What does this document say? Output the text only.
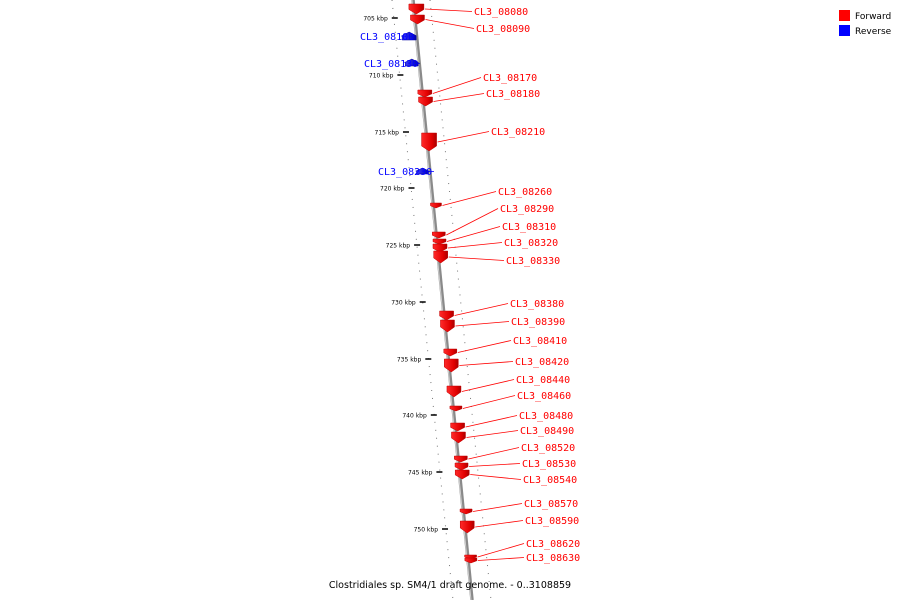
705 kbp
710 kbp
715 kbp
720 kbp
725 kbp
730 kbp
735 kbp
740 kbp
745 kbp
750 kbp
CL3_08080
CL3_08090
CL3_08100
CL3_08130
CL3_08170
CL3_08180
CL3_08210
CL3_08230
CL3_08260
CL3_08290
CL3_08310
CL3_08320
CL3_08330
CL3_08380
CL3_08390
CL3_08410
CL3_08420
CL3_08440
CL3_08460
CL3_08480
CL3_08490
CL3_08520
CL3_08530
CL3_08540
CL3_08570
CL3_08590
CL3_08620
CL3_08630
Forward
Reverse
Clostridiales sp. SM4/1 draft genome. - 0..3108859
